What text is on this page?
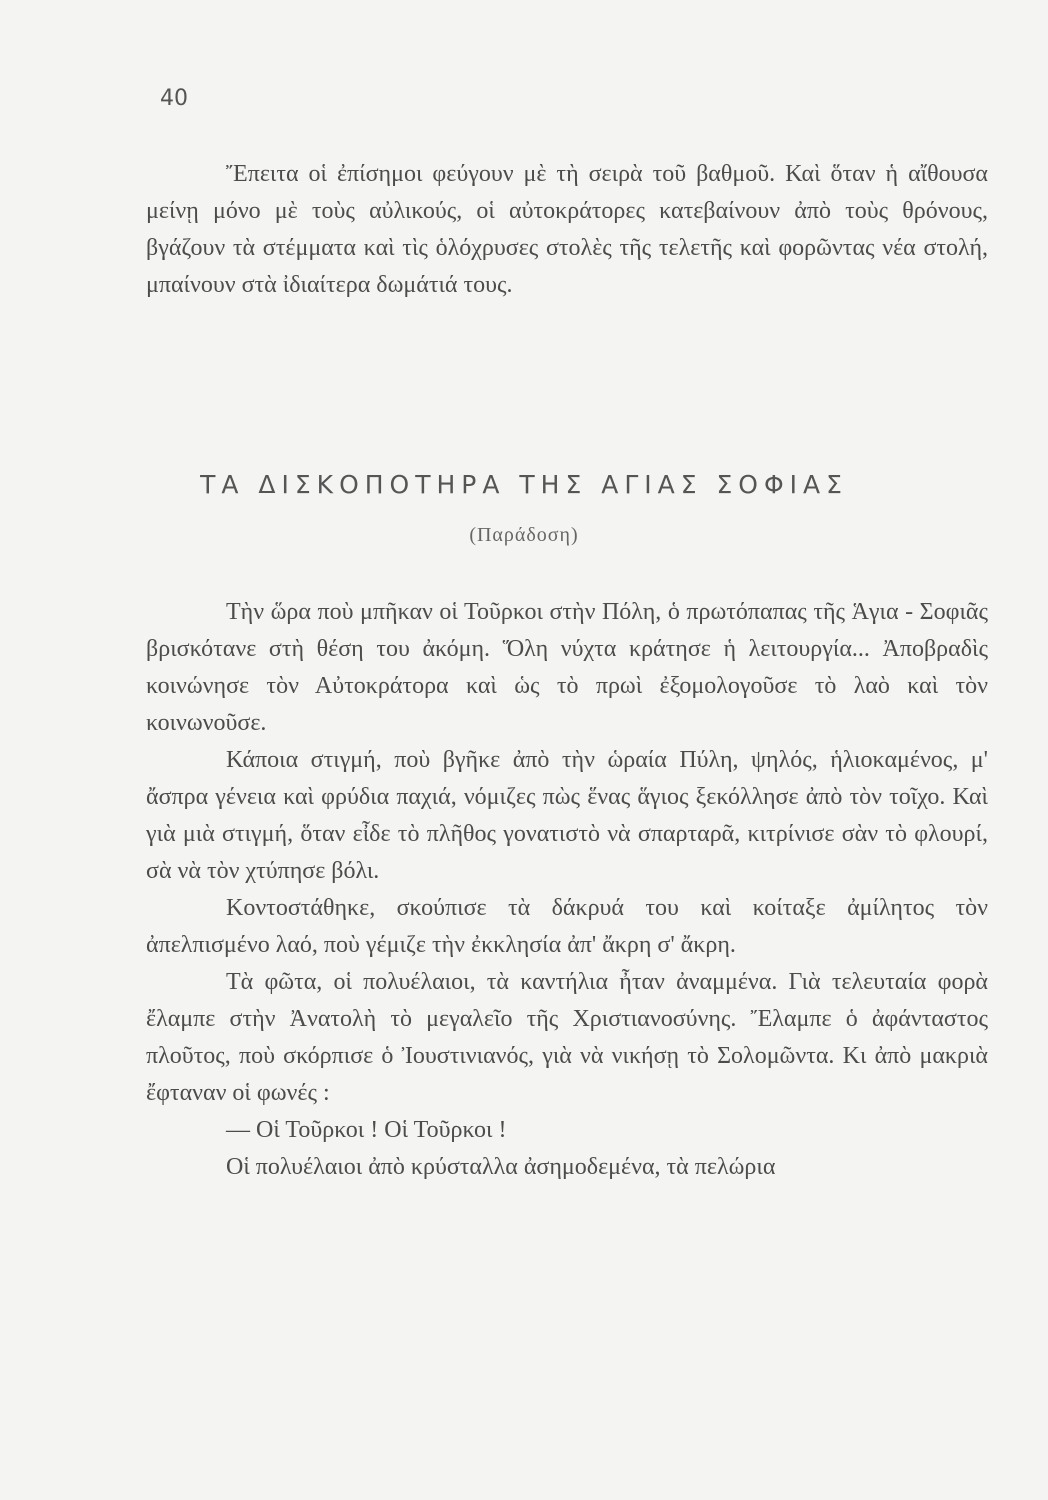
40

Ἔπειτα οἱ ἐπίσημοι φεύγουν μὲ τὴ σειρὰ τοῦ βαθμοῦ. Καὶ ὅταν ἡ αἴθουσα μείνῃ μόνο μὲ τοὺς αὐλικούς, οἱ αὐτοκράτορες κατεβαίνουν ἀπὸ τοὺς θρόνους, βγάζουν τὰ στέμματα καὶ τὶς ὁλόχρυσες στολὲς τῆς τελετῆς καὶ φορῶντας νέα στολή, μπαίνουν στὰ ἰδιαίτερα δωμάτιά τους.

ΤΑ ΔΙΣΚΟΠΟΤΗΡΑ ΤΗΣ ΑΓΙΑΣ ΣΟΦΙΑΣ
(Παράδοση)

Τὴν ὥρα ποὺ μπῆκαν οἱ Τοῦρκοι στὴν Πόλη, ὁ πρωτόπαπας τῆς Ἁγια - Σοφιᾶς βρισκότανε στὴ θέση του ἀκόμη. Ὅλη νύχτα κράτησε ἡ λειτουργία... Ἀποβραδὶς κοινώνησε τὸν Αὐτοκράτορα καὶ ὡς τὸ πρωὶ ἐξομολογοῦσε τὸ λαὸ καὶ τὸν κοινωνοῦσε.

Κάποια στιγμή, ποὺ βγῆκε ἀπὸ τὴν ὡραία Πύλη, ψηλός, ἡλιοκαμένος, μ' ἄσπρα γένεια καὶ φρύδια παχιά, νόμιζες πὼς ἕνας ἅγιος ξεκόλλησε ἀπὸ τὸν τοῖχο. Καὶ γιὰ μιὰ στιγμή, ὅταν εἶδε τὸ πλῆθος γονατιστὸ νὰ σπαρταρᾶ, κιτρίνισε σὰν τὸ φλουρί, σὰ νὰ τὸν χτύπησε βόλι.

Κοντοστάθηκε, σκούπισε τὰ δάκρυά του καὶ κοίταξε ἀμίλητος τὸν ἀπελπισμένο λαό, ποὺ γέμιζε τὴν ἐκκλησία ἀπ' ἄκρη σ' ἄκρη.

Τὰ φῶτα, οἱ πολυέλαιοι, τὰ καντήλια ἦταν ἀναμμένα. Γιὰ τελευταία φορὰ ἔλαμπε στὴν Ἀνατολὴ τὸ μεγαλεῖο τῆς Χριστιανοσύνης. Ἔλαμπε ὁ ἀφάνταστος πλοῦτος, ποὺ σκόρπισε ὁ Ἰουστινιανός, γιὰ νὰ νικήσῃ τὸ Σολομῶντα. Κι ἀπὸ μακριὰ ἔφταναν οἱ φωνές :

— Οἱ Τοῦρκοι ! Οἱ Τοῦρκοι !

Οἱ πολυέλαιοι ἀπὸ κρύσταλλα ἀσημοδεμένα, τὰ πελώρια
